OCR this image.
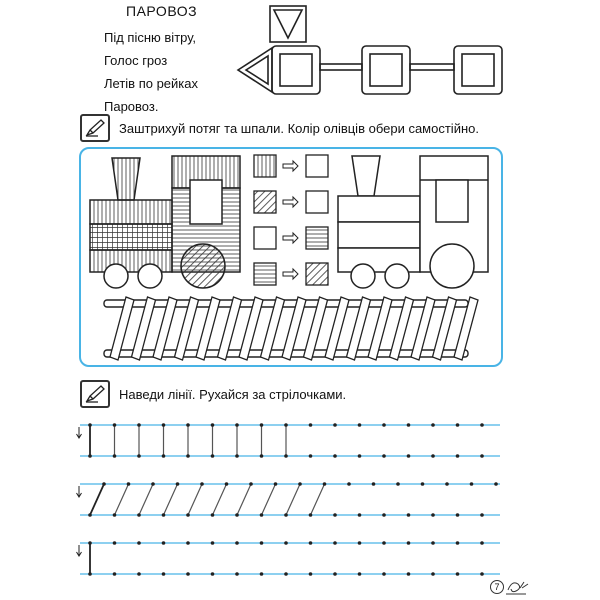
ПАРОВОЗ
Під пісню вітру,
Голос гроз
Летів по рейках
Паровоз.
Заштрихуй потяг та шпали. Колір олівців обери самостійно.
Наведи лінії. Рухайся за стрілочками.
7
